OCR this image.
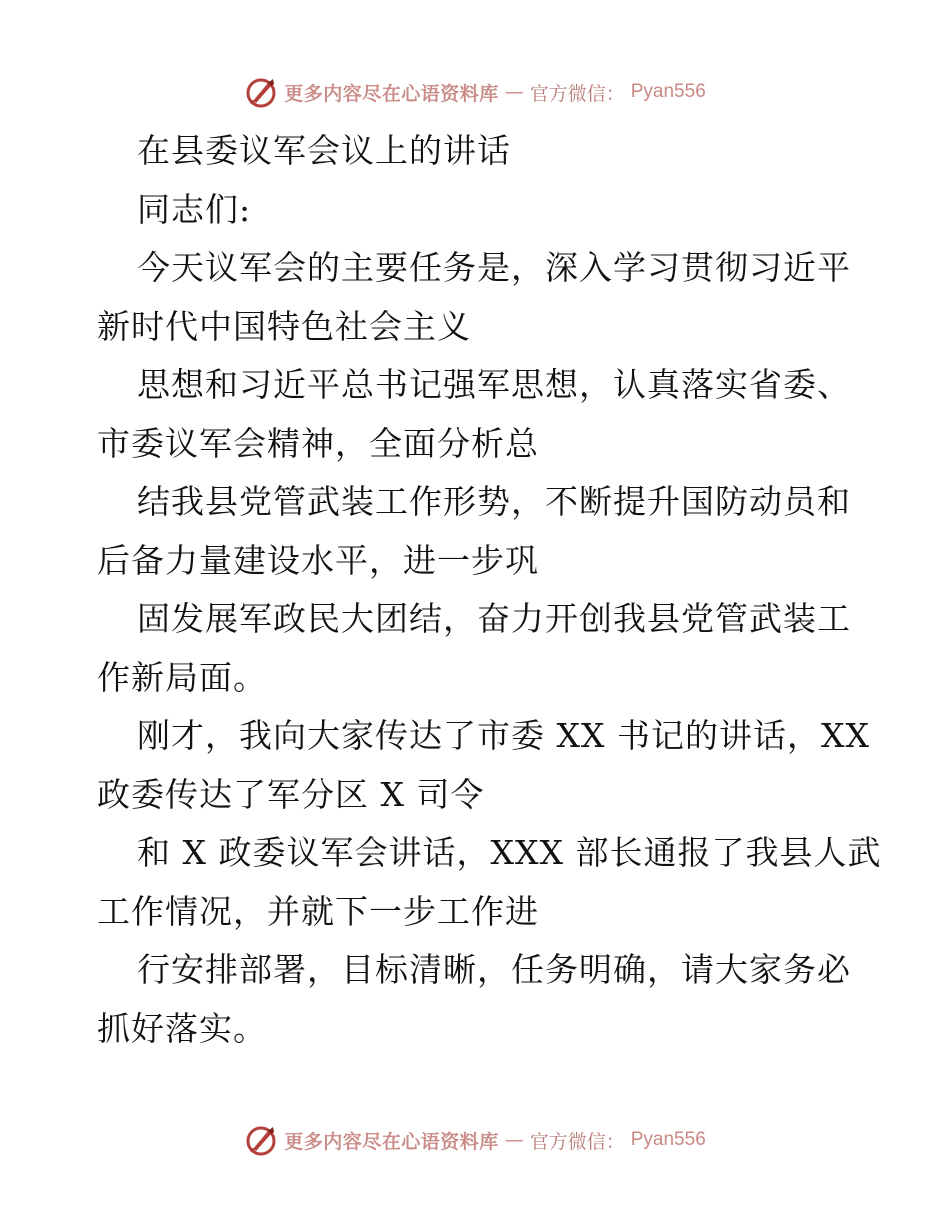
更多内容尽在心语资料库 — 官方微信： Pyan556
在县委议军会议上的讲话
同志们:
今天议军会的主要任务是，深入学习贯彻习近平
新时代中国特色社会主义
思想和习近平总书记强军思想，认真落实省委、
市委议军会精神，全面分析总
结我县党管武装工作形势，不断提升国防动员和
后备力量建设水平，进一步巩
固发展军政民大团结，奋力开创我县党管武装工
作新局面。
刚才，我向大家传达了市委 XX 书记的讲话，XX
政委传达了军分区 X 司令
和 X 政委议军会讲话，XXX 部长通报了我县人武
工作情况，并就下一步工作进
行安排部署，目标清晰，任务明确，请大家务必
抓好落实。
更多内容尽在心语资料库 — 官方微信： Pyan556
